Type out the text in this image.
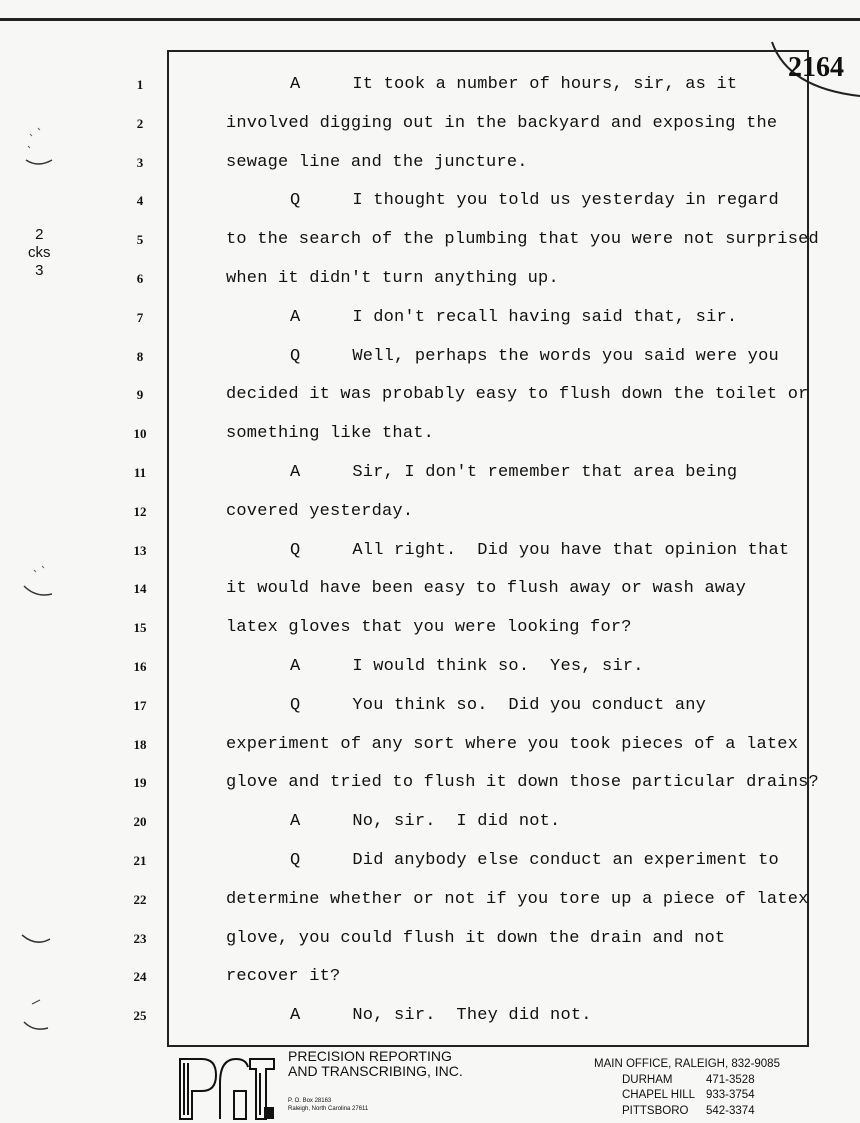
2
cks
3
2164
1
2
3
4
5
6
7
8
9
10
11
12
13
14
15
16
17
18
19
20
21
22
23
24
25
A     It took a number of hours, sir, as it
involved digging out in the backyard and exposing the
sewage line and the juncture.
Q     I thought you told us yesterday in regard
to the search of the plumbing that you were not surprised
when it didn't turn anything up.
A     I don't recall having said that, sir.
Q     Well, perhaps the words you said were you
decided it was probably easy to flush down the toilet or
something like that.
A     Sir, I don't remember that area being
covered yesterday.
Q     All right.  Did you have that opinion that
it would have been easy to flush away or wash away
latex gloves that you were looking for?
A     I would think so.  Yes, sir.
Q     You think so.  Did you conduct any
experiment of any sort where you took pieces of a latex
glove and tried to flush it down those particular drains?
A     No, sir.  I did not.
Q     Did anybody else conduct an experiment to
determine whether or not if you tore up a piece of latex
glove, you could flush it down the drain and not
recover it?
A     No, sir.  They did not.
PRECISION REPORTING
AND TRANSCRIBING, INC.
P. O. Box 28163
Raleigh, North Carolina 27611
MAIN OFFICE, RALEIGH, 832-9085
DURHAM	471-3528
CHAPEL HILL 933-3754
PITTSBORO	542-3374
